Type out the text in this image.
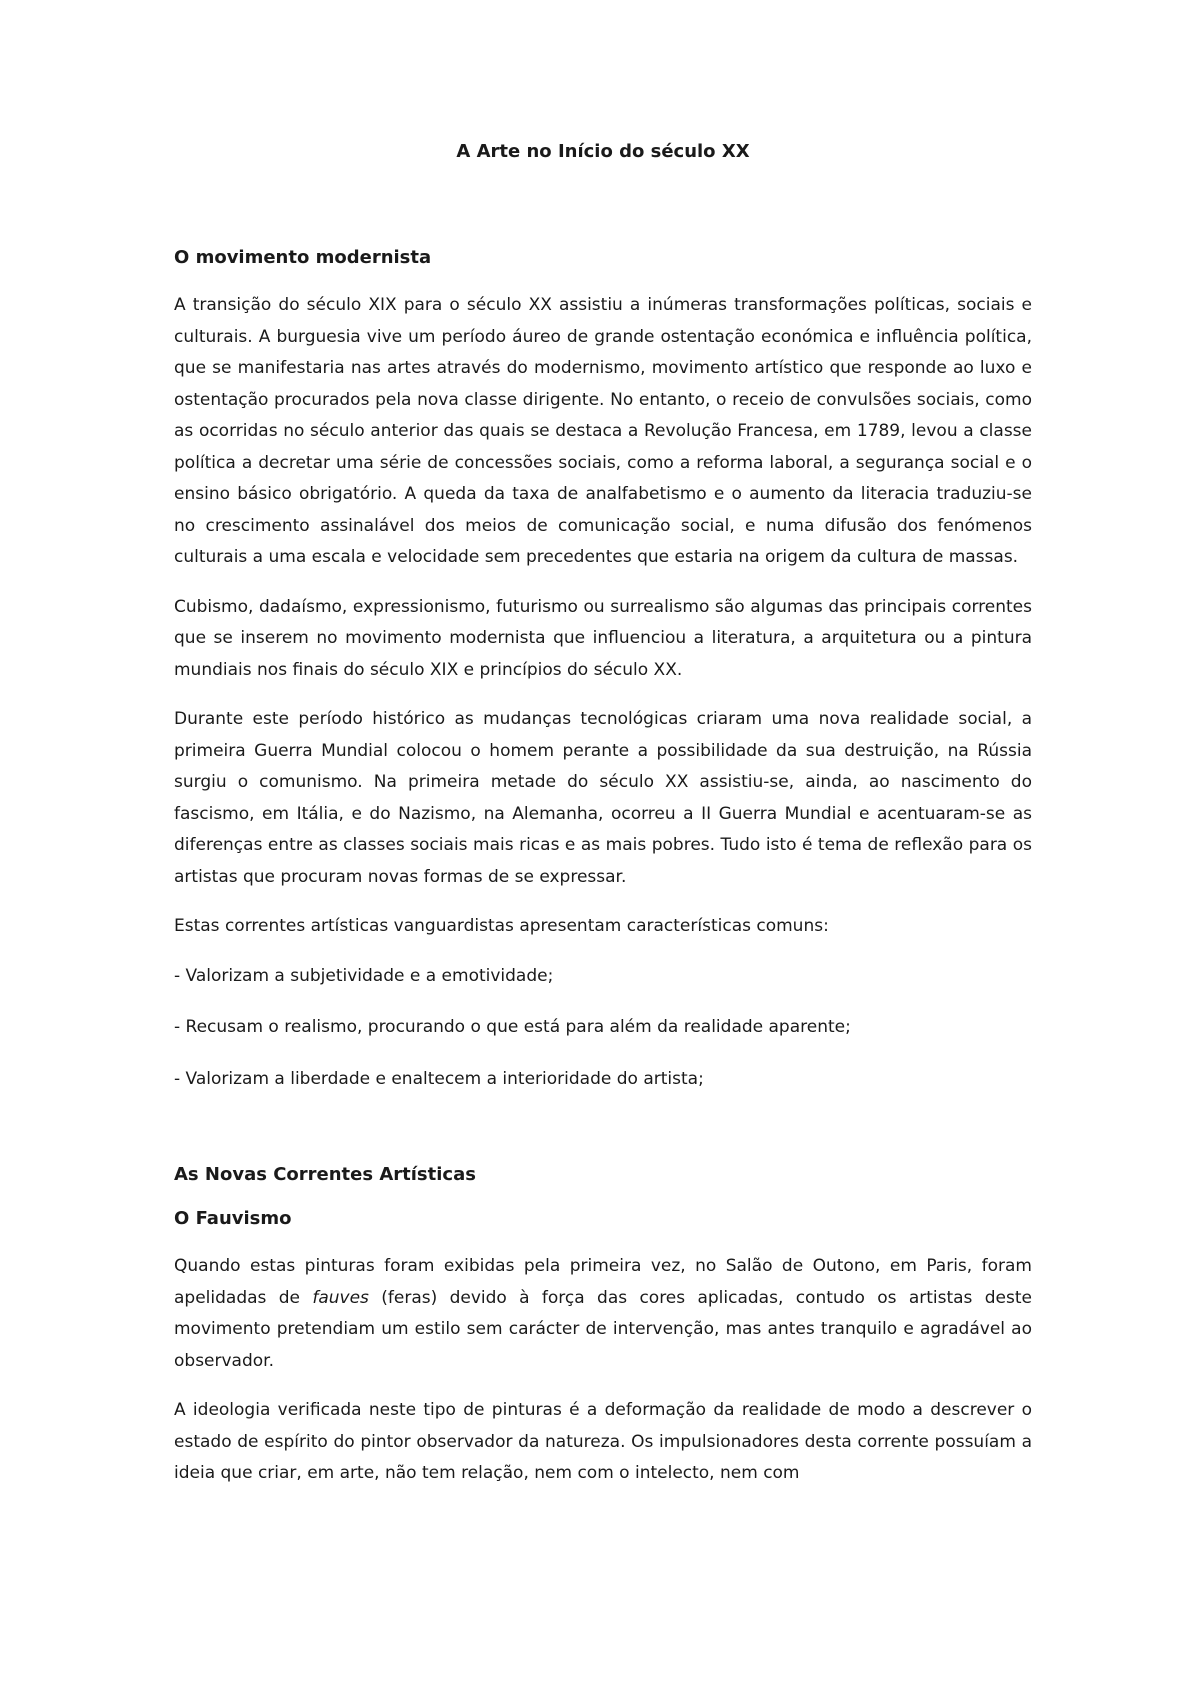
A Arte no Início do século XX
O movimento modernista

A transição do século XIX para o século XX assistiu a inúmeras transformações políticas, sociais e culturais. A burguesia vive um período áureo de grande ostentação económica e influência política, que se manifestaria nas artes através do modernismo, movimento artístico que responde ao luxo e ostentação procurados pela nova classe dirigente. No entanto, o receio de convulsões sociais, como as ocorridas no século anterior das quais se destaca a Revolução Francesa, em 1789, levou a classe política a decretar uma série de concessões sociais, como a reforma laboral, a segurança social e o ensino básico obrigatório. A queda da taxa de analfabetismo e o aumento da literacia traduziu-se no crescimento assinalável dos meios de comunicação social, e numa difusão dos fenómenos culturais a uma escala e velocidade sem precedentes que estaria na origem da cultura de massas.

Cubismo, dadaísmo, expressionismo, futurismo ou surrealismo são algumas das principais correntes que se inserem no movimento modernista que influenciou a literatura, a arquitetura ou a pintura mundiais nos finais do século XIX e princípios do século XX.

Durante este período histórico as mudanças tecnológicas criaram uma nova realidade social, a primeira Guerra Mundial colocou o homem perante a possibilidade da sua destruição, na Rússia surgiu o comunismo. Na primeira metade do século XX assistiu-se, ainda, ao nascimento do fascismo, em Itália, e do Nazismo, na Alemanha, ocorreu a II Guerra Mundial e acentuaram-se as diferenças entre as classes sociais mais ricas e as mais pobres. Tudo isto é tema de reflexão para os artistas que procuram novas formas de se expressar.

Estas correntes artísticas vanguardistas apresentam características comuns:

- Valorizam a subjetividade e a emotividade;

- Recusam o realismo, procurando o que está para além da realidade aparente;

- Valorizam a liberdade e enaltecem a interioridade do artista;

As Novas Correntes Artísticas
O Fauvismo

Quando estas pinturas foram exibidas pela primeira vez, no Salão de Outono, em Paris, foram apelidadas de fauves (feras) devido à força das cores aplicadas, contudo os artistas deste movimento pretendiam um estilo sem carácter de intervenção, mas antes tranquilo e agradável ao observador.

A ideologia verificada neste tipo de pinturas é a deformação da realidade de modo a descrever o estado de espírito do pintor observador da natureza. Os impulsionadores desta corrente possuíam a ideia que criar, em arte, não tem relação, nem com o intelecto, nem com
